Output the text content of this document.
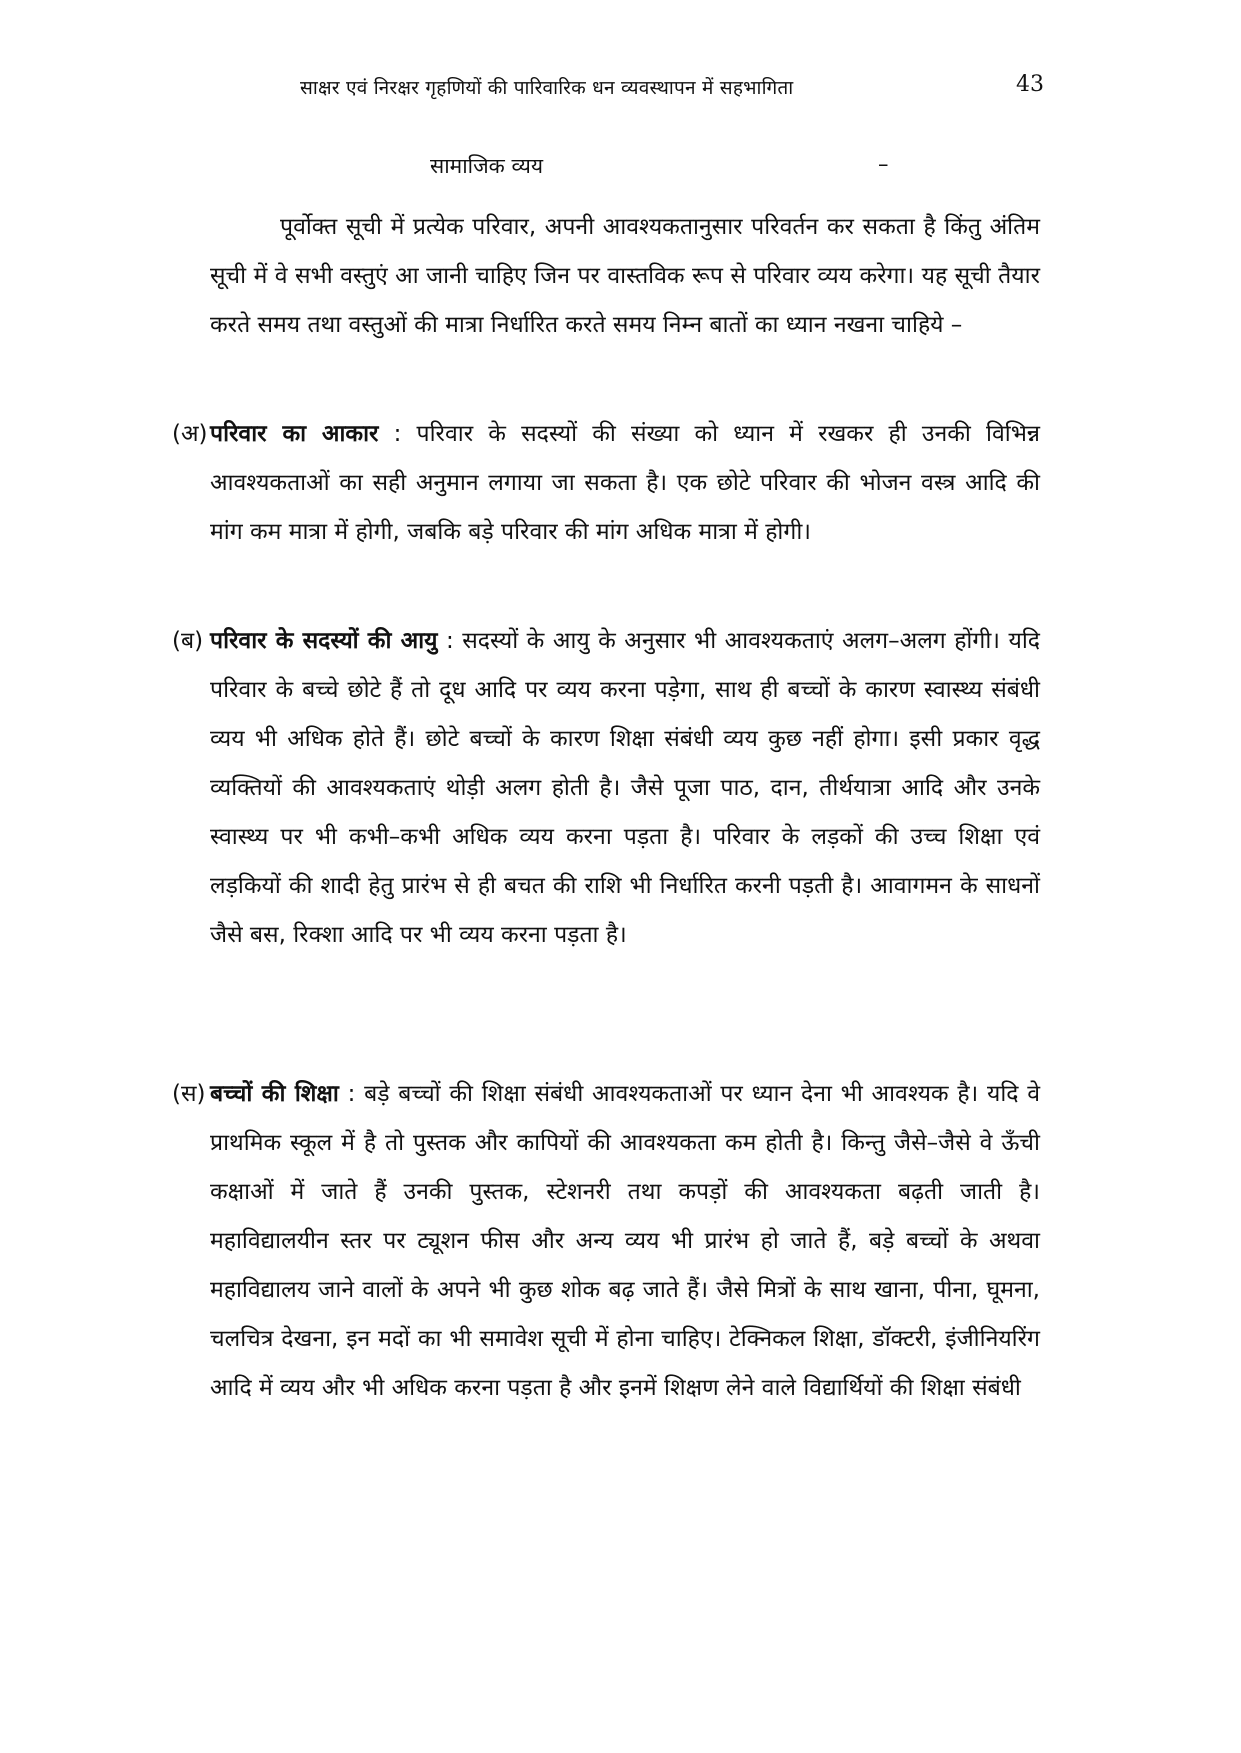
साक्षर एवं निरक्षर गृहणियों की पारिवारिक धन व्यवस्थापन में सहभागिता	43
सामाजिक व्यय	–
पूर्वोक्त सूची में प्रत्येक परिवार, अपनी आवश्यकतानुसार परिवर्तन कर सकता है किंतु अंतिम सूची में वे सभी वस्तुएं आ जानी चाहिए जिन पर वास्तविक रूप से परिवार व्यय करेगा। यह सूची तैयार करते समय तथा वस्तुओं की मात्रा निर्धारित करते समय निम्न बातों का ध्यान नखना चाहिये –
(अ) परिवार का आकार : परिवार के सदस्यों की संख्या को ध्यान में रखकर ही उनकी विभिन्न आवश्यकताओं का सही अनुमान लगाया जा सकता है। एक छोटे परिवार की भोजन वस्त्र आदि की मांग कम मात्रा में होगी, जबकि बड़े परिवार की मांग अधिक मात्रा में होगी।
(ब) परिवार के सदस्यों की आयु : सदस्यों के आयु के अनुसार भी आवश्यकताएं अलग–अलग होंगी। यदि परिवार के बच्चे छोटे हैं तो दूध आदि पर व्यय करना पड़ेगा, साथ ही बच्चों के कारण स्वास्थ्य संबंधी व्यय भी अधिक होते हैं। छोटे बच्चों के कारण शिक्षा संबंधी व्यय कुछ नहीं होगा। इसी प्रकार वृद्ध व्यक्तियों की आवश्यकताएं थोड़ी अलग होती है। जैसे पूजा पाठ, दान, तीर्थयात्रा आदि और उनके स्वास्थ्य पर भी कभी–कभी अधिक व्यय करना पड़ता है। परिवार के लड़कों की उच्च शिक्षा एवं लड़कियों की शादी हेतु प्रारंभ से ही बचत की राशि भी निर्धारित करनी पड़ती है। आवागमन के साधनों जैसे बस, रिक्शा आदि पर भी व्यय करना पड़ता है।
(स) बच्चों की शिक्षा : बड़े बच्चों की शिक्षा संबंधी आवश्यकताओं पर ध्यान देना भी आवश्यक है। यदि वे प्राथमिक स्कूल में है तो पुस्तक और कापियों की आवश्यकता कम होती है। किन्तु जैसे–जैसे वे ऊँची कक्षाओं में जाते हैं उनकी पुस्तक, स्टेशनरी तथा कपड़ों की आवश्यकता बढ़ती जाती है। महाविद्यालयीन स्तर पर ट्यूशन फीस और अन्य व्यय भी प्रारंभ हो जाते हैं, बड़े बच्चों के अथवा महाविद्यालय जाने वालों के अपने भी कुछ शोक बढ़ जाते हैं। जैसे मित्रों के साथ खाना, पीना, घूमना, चलचित्र देखना, इन मदों का भी समावेश सूची में होना चाहिए। टेक्निकल शिक्षा, डॉक्टरी, इंजीनियरिंग आदि में व्यय और भी अधिक करना पड़ता है और इनमें शिक्षण लेने वाले विद्यार्थियों की शिक्षा संबंधी
